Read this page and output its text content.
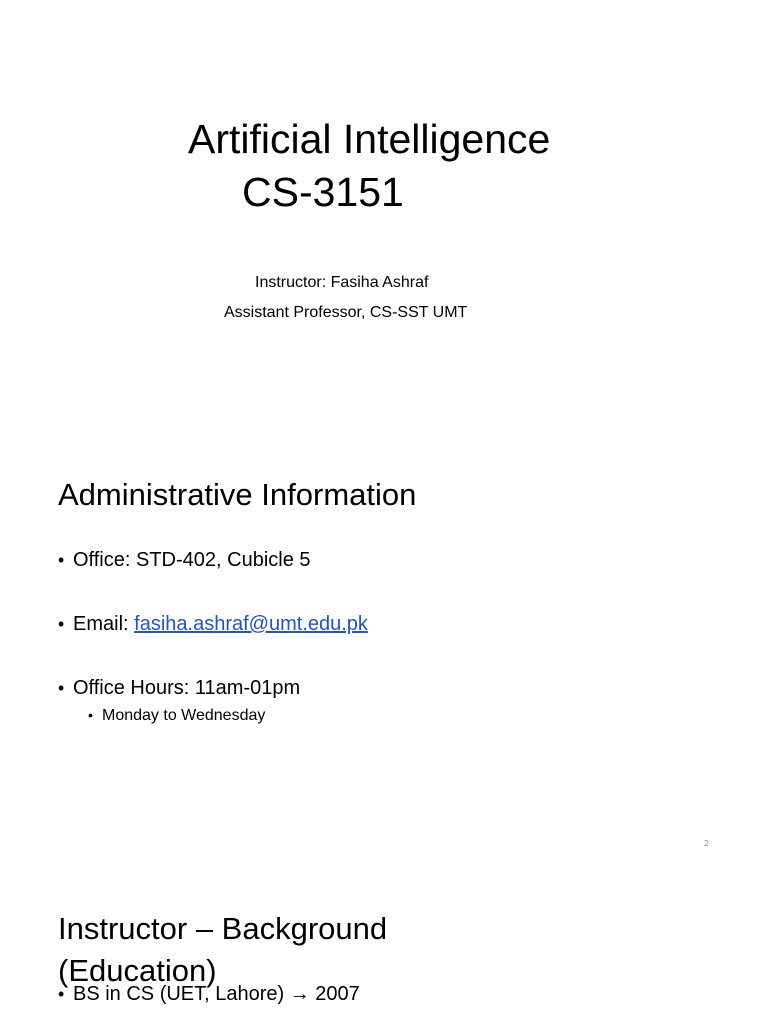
Artificial Intelligence
CS-3151
Instructor: Fasiha Ashraf
Assistant Professor, CS-SST UMT
Administrative Information
• Office: STD-402, Cubicle 5
• Email: fasiha.ashraf@umt.edu.pk
• Office Hours: 11am-01pm
• Monday to Wednesday
2
Instructor – Background (Education)
• BS in CS (UET, Lahore) → 2007
